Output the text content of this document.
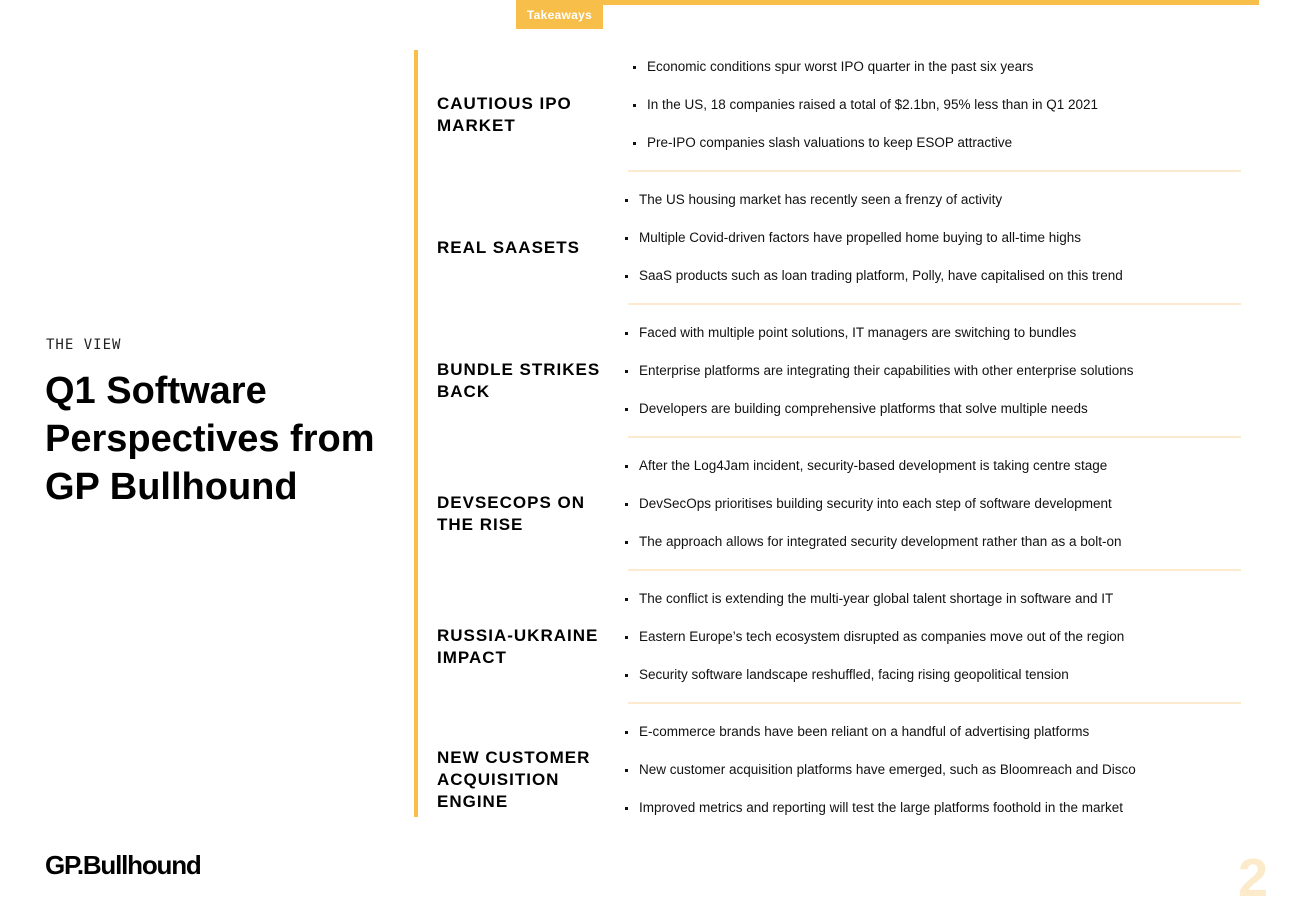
Takeaways
THE VIEW
Q1 Software Perspectives from GP Bullhound
GP.Bullhound	2
CAUTIOUS IPO MARKET
Economic conditions spur worst IPO quarter in the past six years
In the US, 18 companies raised a total of $2.1bn, 95% less than in Q1 2021
Pre-IPO companies slash valuations to keep ESOP attractive
REAL SAASETS
The US housing market has recently seen a frenzy of activity
Multiple Covid-driven factors have propelled home buying to all-time highs
SaaS products such as loan trading platform, Polly, have capitalised on this trend
BUNDLE STRIKES BACK
Faced with multiple point solutions, IT managers are switching to bundles
Enterprise platforms are integrating their capabilities with other enterprise solutions
Developers are building comprehensive platforms that solve multiple needs
DEVSECOPS ON THE RISE
After the Log4Jam incident, security-based development is taking centre stage
DevSecOps prioritises building security into each step of software development
The approach allows for integrated security development rather than as a bolt-on
RUSSIA-UKRAINE IMPACT
The conflict is extending the multi-year global talent shortage in software and IT
Eastern Europe’s tech ecosystem disrupted as companies move out of the region
Security software landscape reshuffled, facing rising geopolitical tension
NEW CUSTOMER ACQUISITION ENGINE
E-commerce brands have been reliant on a handful of advertising platforms
New customer acquisition platforms have emerged, such as Bloomreach and Disco
Improved metrics and reporting will test the large platforms foothold in the market
